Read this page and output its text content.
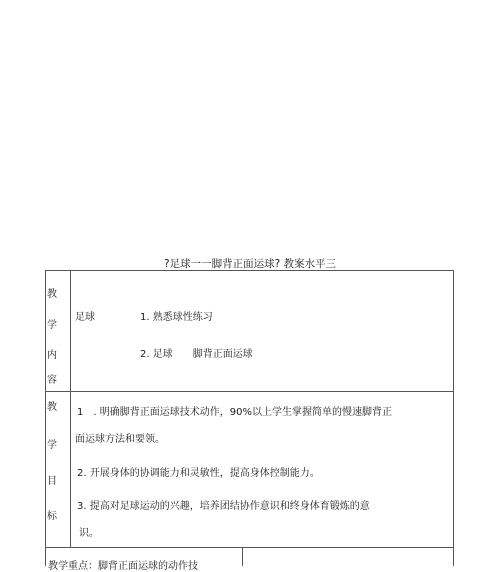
?足球一一脚背正面运球? 教案水平三
教
学
内
容
足球	1. 熟悉球性练习
2. 足球　　脚背正面运球
教
学
目
标
1　. 明确脚背正面运球技术动作，90%以上学生掌握简单的慢速脚背正
面运球方法和要领。
2. 开展身体的协调能力和灵敏性，提高身体控制能力。
3. 提高对足球运动的兴趣，培养团结协作意识和终身体育锻炼的意
识。
教学重点：脚背正面运球的动作技
